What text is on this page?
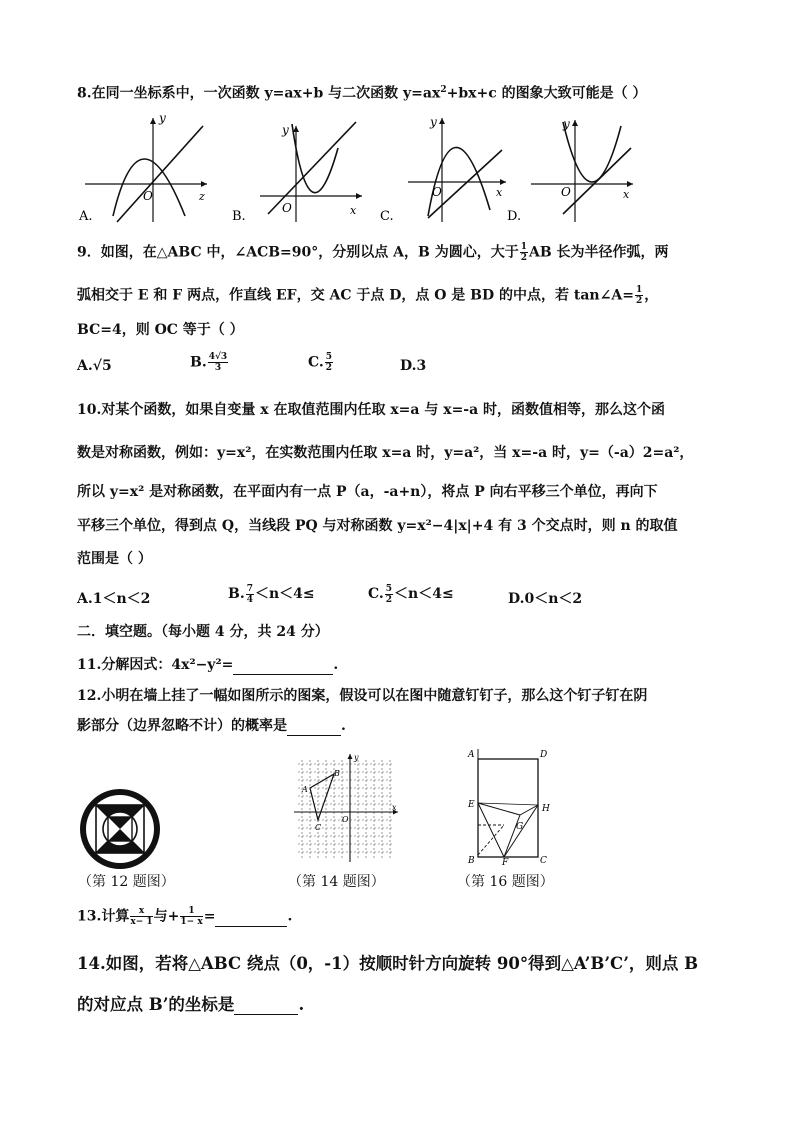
8.在同一坐标系中，一次函数 y=ax+b 与二次函数 $y=ax^2+bx+c$ 的图象大致可能是（ ）
y
z
O
A.
y
x
O
B.
y
x
O
C.
y
x
O
D.
9．如图，在△ABC 中，∠ACB=90°，分别以点 A，B 为圆心，大于 $\frac{1}{2}$ AB 长为半径作弧，两
弧相交于 E 和 F 两点，作直线 EF，交 AC 于点 D，点 O 是 BD 的中点，若 tan∠A= $\frac{1}{2}$ ，
BC=4，则 OC 等于（ ）
A.√5	B. $\frac{4√3}{3}$	C. $\frac{5}{2}$	D.3
10.对某个函数，如果自变量 x 在取值范围内任取 x=a 与 x=-a 时，函数值相等，那么这个函
数是对称函数，例如：y=x²，在实数范围内任取 x=a 时，y=a²，当 x=-a 时，y=（-a）2=a²，
所以 y=x² 是对称函数，在平面内有一点 P（a，-a+n），将点 P 向右平移三个单位，再向下
平移三个单位，得到点 Q，当线段 PQ 与对称函数 y=x²−4|x|+4 有 3 个交点时，则 n 的取值
范围是（ ）
A.1＜n＜2	B. $\frac{7}{4} <n<4\le$	C. $\frac{5}{2} <n<4\le$	D.0＜n＜2
二．填空题。（每小题 4 分，共 24 分）
11.分解因式：4x²−y²=	.
12.小明在墙上挂了一幅如图所示的图案，假设可以在图中随意钉钉子，那么这个钉子钉在阴
影部分（边界忽略不计）的概率是	.
（第 12 题图）
A
B
C
O
x
y
（第 14 题图）
A	D
E	H
G
B	F	C
（第 16 题图）
13.计算 $\frac{x}{x- 1}$ 与+ $\frac{1}{1- x}$ =	.
14.如图，若将△ABC 绕点（0，-1）按顺时针方向旋转 90°得到△A’B’C’，则点 B
的对应点 B’的坐标是	.
